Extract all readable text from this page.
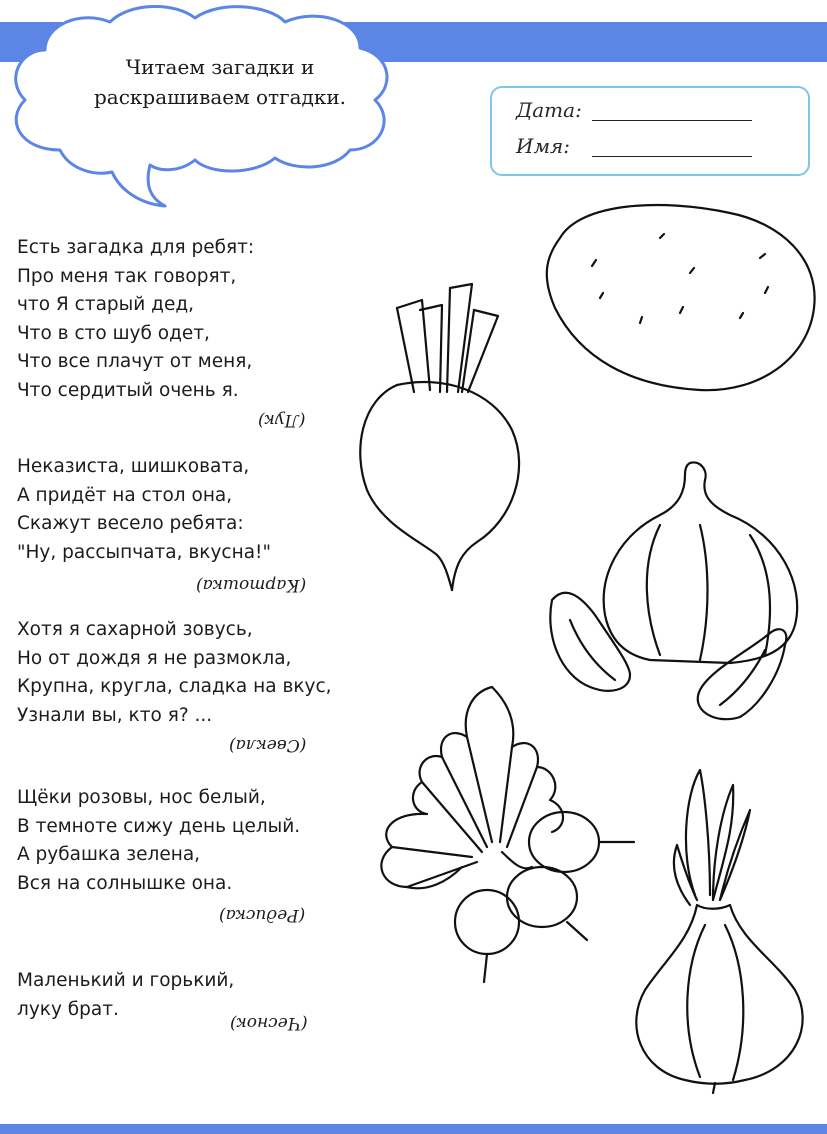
Читаем загадки и
раскрашиваем отгадки.
Дата:
Имя:
Есть загадка для ребят:
Про меня так говорят,
что Я старый дед,
Что в сто шуб одет,
Что все плачут от меня,
Что сердитый очень я.
(Лук)
Неказиста, шишковата,
А придёт на стол она,
Скажут весело ребята:
"Ну, рассыпчата, вкусна!"
(Картошка)
Хотя я сахарной зовусь,
Но от дождя я не размокла,
Крупна, кругла, сладка на вкус,
Узнали вы, кто я? ...
(Свекла)
Щёки розовы, нос белый,
В темноте сижу день целый.
А рубашка зелена,
Вся на солнышке она.
(Редиска)
Маленький и горький,
луку брат.
(Чеснок)
